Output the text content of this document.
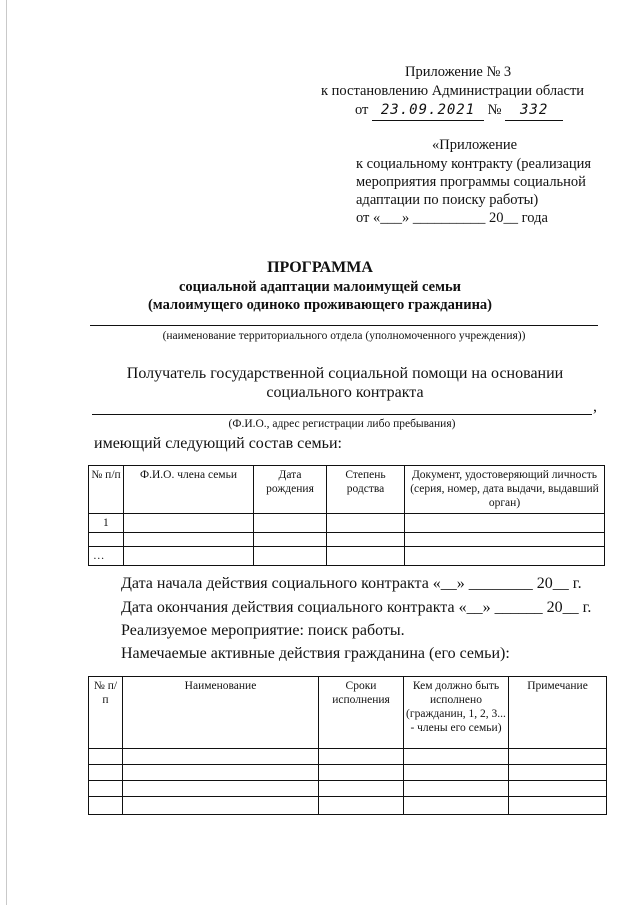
Приложение № 3
к постановлению Администрации области
от 23.09.2021 № 332
«Приложение
к социальному контракту (реализация
мероприятия программы социальной
адаптации по поиску работы)
от «___» __________ 20__ года
ПРОГРАММА
социальной адаптации малоимущей семьи
(малоимущего одиноко проживающего гражданина)
(наименование территориального отдела (уполномоченного учреждения))
Получатель государственной социальной помощи на основании
социального контракта
,
(Ф.И.О., адрес регистрации либо пребывания)
имеющий следующий состав семьи:
№ п/п	Ф.И.О. члена семьи	Дата рождения	Степень родства	Документ, удостоверяющий личность (серия, номер, дата выдачи, выдавший орган)
1				

…				
Дата начала действия социального контракта «__» ________ 20__ г.
Дата окончания действия социального контракта «__» ______ 20__ г.
Реализуемое мероприятие: поиск работы.
Намечаемые активные действия гражданина (его семьи):
№ п/п	Наименование	Сроки исполнения	Кем должно быть исполнено (гражданин, 1, 2, 3... - члены его семьи)	Примечание
